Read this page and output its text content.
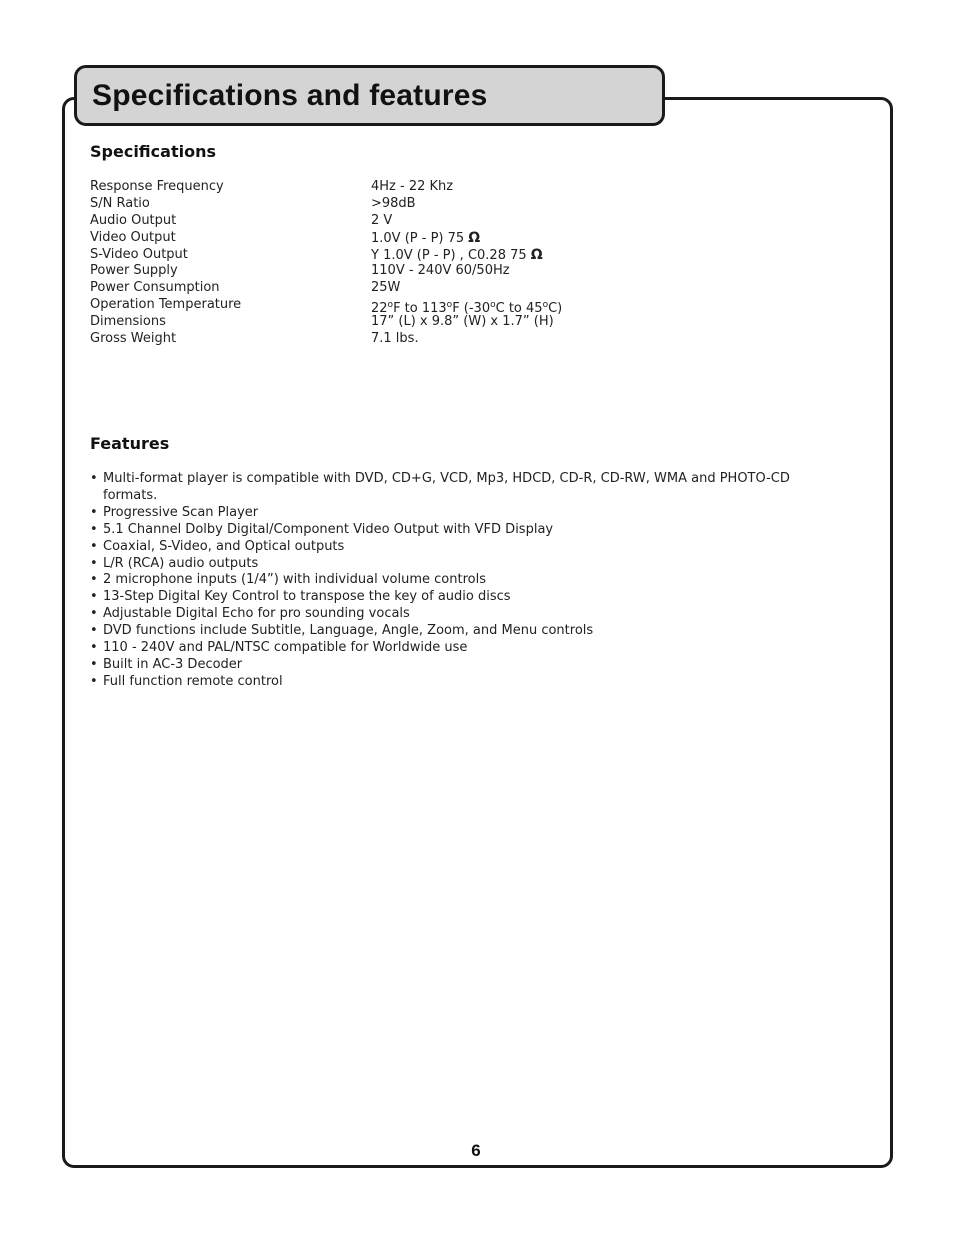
Specifications and features
Specifications
Response Frequency	4Hz - 22 Khz
S/N Ratio	>98dB
Audio Output	2 V
Video Output	1.0V (P - P) 75 Ω
S-Video Output	Y 1.0V (P - P) , C0.28 75 Ω
Power Supply	110V - 240V 60/50Hz
Power Consumption	25W
Operation Temperature	22$^o$F to 113$^o$F (-30$^o$C to 45$^o$C)
Dimensions	17” (L) x 9.8” (W) x 1.7” (H)
Gross Weight	7.1 lbs.
Features
• Multi-format player is compatible with DVD, CD+G, VCD, Mp3, HDCD, CD-R, CD-RW, WMA and PHOTO-CD formats.
• Progressive Scan Player
• 5.1 Channel Dolby Digital/Component Video Output with VFD Display
• Coaxial, S-Video, and Optical outputs
• L/R (RCA) audio outputs
• 2 microphone inputs (1/4”) with individual volume controls
• 13-Step Digital Key Control to transpose the key of audio discs
• Adjustable Digital Echo for pro sounding vocals
• DVD functions include Subtitle, Language, Angle, Zoom, and Menu controls
• 110 - 240V and PAL/NTSC compatible for Worldwide use
• Built in AC-3 Decoder
• Full function remote control
6
